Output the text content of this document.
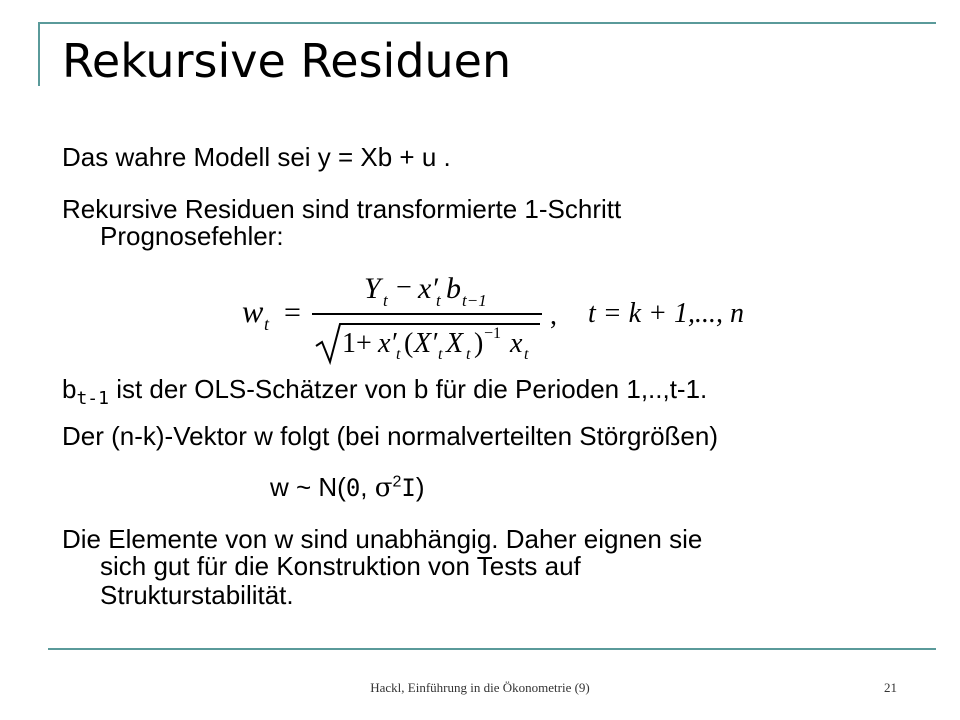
Rekursive Residuen
Das wahre Modell sei y = Xb + u .
Rekursive Residuen sind transformierte 1-Schritt
Prognosefehler:
w t =
Y t − x′
t b t−1
1+ x′ t ( X′ t X t ) −1 x t
, t = k + 1,..., n
$b_{t-1}$ ist der OLS-Schätzer von b für die Perioden 1,..,t-1.
Der (n-k)-Vektor w folgt (bei normalverteilten Störgrößen)
w ~ N(0, $\sigma^2I$)
Die Elemente von w sind unabhängig. Daher eignen sie
sich gut für die Konstruktion von Tests auf
Strukturstabilität.
Hackl, Einführung in die Ökonometrie (9)	21
